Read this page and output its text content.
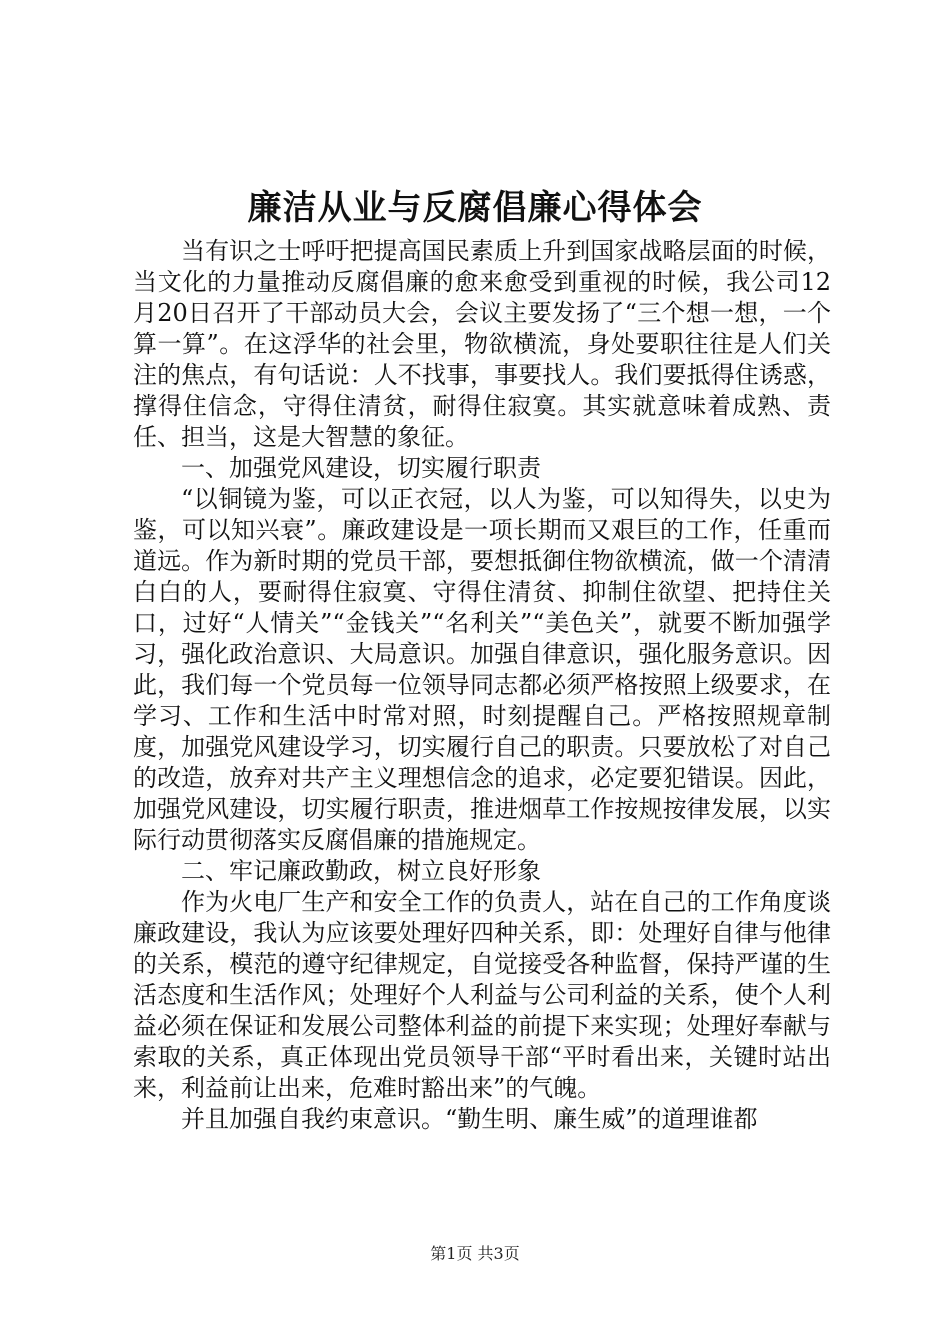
廉洁从业与反腐倡廉心得体会

当有识之士呼吁把提高国民素质上升到国家战略层面的时候，当文化的力量推动反腐倡廉的愈来愈受到重视的时候，我公司12月20日召开了干部动员大会，会议主要发扬了“三个想一想，一个算一算”。在这浮华的社会里，物欲横流，身处要职往往是人们关注的焦点，有句话说：人不找事，事要找人。我们要抵得住诱惑，撑得住信念，守得住清贫，耐得住寂寞。其实就意味着成熟、责任、担当，这是大智慧的象征。

一、加强党风建设，切实履行职责

“以铜镜为鉴，可以正衣冠，以人为鉴，可以知得失，以史为鉴，可以知兴衰”。廉政建设是一项长期而又艰巨的工作，任重而道远。作为新时期的党员干部，要想抵御住物欲横流，做一个清清白白的人，要耐得住寂寞、守得住清贫、抑制住欲望、把持住关口，过好“人情关”“金钱关”“名利关”“美色关”，就要不断加强学习，强化政治意识、大局意识。加强自律意识，强化服务意识。因此，我们每一个党员每一位领导同志都必须严格按照上级要求，在学习、工作和生活中时常对照，时刻提醒自己。严格按照规章制度，加强党风建设学习，切实履行自己的职责。只要放松了对自己的改造，放弃对共产主义理想信念的追求，必定要犯错误。因此，加强党风建设，切实履行职责，推进烟草工作按规按律发展，以实际行动贯彻落实反腐倡廉的措施规定。

二、牢记廉政勤政，树立良好形象

作为火电厂生产和安全工作的负责人，站在自己的工作角度谈廉政建设，我认为应该要处理好四种关系，即：处理好自律与他律的关系，模范的遵守纪律规定，自觉接受各种监督，保持严谨的生活态度和生活作风；处理好个人利益与公司利益的关系，使个人利益必须在保证和发展公司整体利益的前提下来实现；处理好奉献与索取的关系，真正体现出党员领导干部“平时看出来，关键时站出来，利益前让出来，危难时豁出来”的气魄。

并且加强自我约束意识。“勤生明、廉生威”的道理谁都

第1页 共3页
